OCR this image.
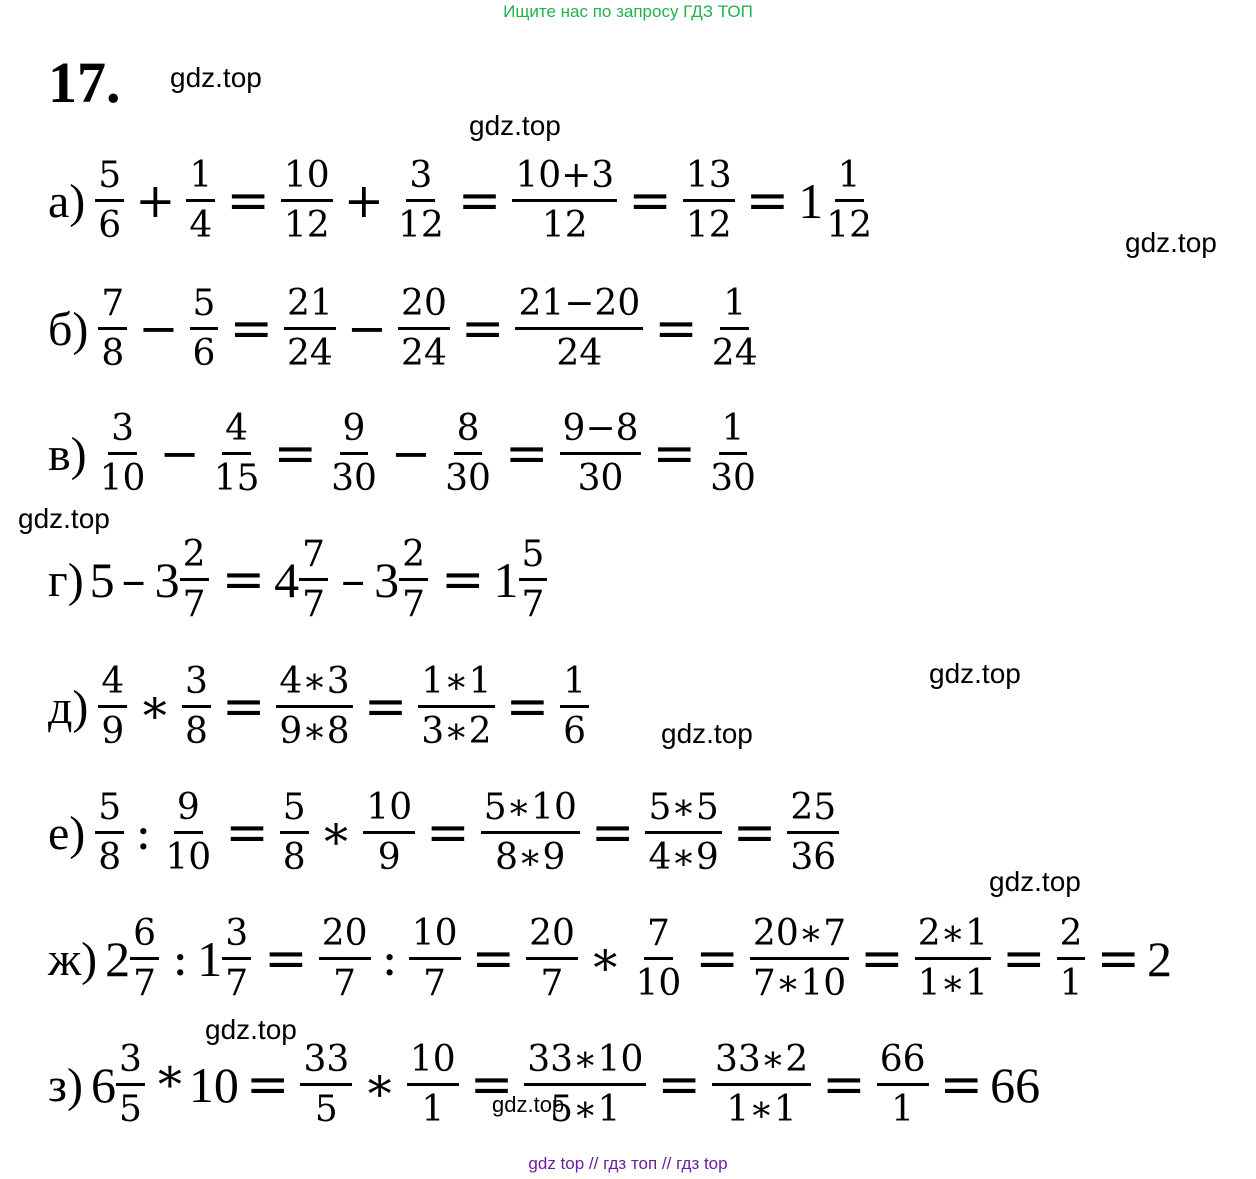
Ищите нас по запросу ГДЗ ТОП
17. gdz.top
gdz.top
gdz.top
gdz.top
gdz.top
gdz.top
gdz.top
gdz.top
gdz.top
$а) \frac{5}{6} + \frac{1}{4} = \frac{10}{12} + \frac{3}{12} = \frac{10+3}{12} = \frac{13}{12} = 1 \frac{1}{12}$
$б) \frac{7}{8} - \frac{5}{6} = \frac{21}{24} - \frac{20}{24} = \frac{21-20}{24} = \frac{1}{24}$
$в) \frac{3}{10} - \frac{4}{15} = \frac{9}{30} - \frac{8}{30} = \frac{9-8}{30} = \frac{1}{30}$
г) $5 - 3 \frac{2}{7} = 4 \frac{7}{7} - 3 \frac{2}{7} = 1 \frac{5}{7}$
$д) \frac{4}{9}$ ∗ $\frac{3}{8} = \frac{4∗3}{9∗8} = \frac{1∗1}{3∗2} = \frac{1}{6}$
$е) \frac{5}{8}$ : $\frac{9}{10} = \frac{5}{8}$ ∗ $\frac{10}{9} = \frac{5∗10}{8∗9} = \frac{5∗5}{4∗9} = \frac{25}{36}$
ж) $2 \frac{6}{7}$ : $1 \frac{3}{7} = \frac{20}{7}$ : $\frac{10}{7} = \frac{20}{7}$ ∗ $\frac{7}{10} = \frac{20∗7}{7∗10} = \frac{2∗1}{1∗1} = \frac{2}{1} = 2$
з) $6 \frac{3}{5} * 10 = \frac{33}{5}$ ∗ $\frac{10}{1} = \frac{33∗10}{5∗1} = \frac{33∗2}{1∗1} = \frac{66}{1} = 66$
gdz top // гдз топ // гдз top
